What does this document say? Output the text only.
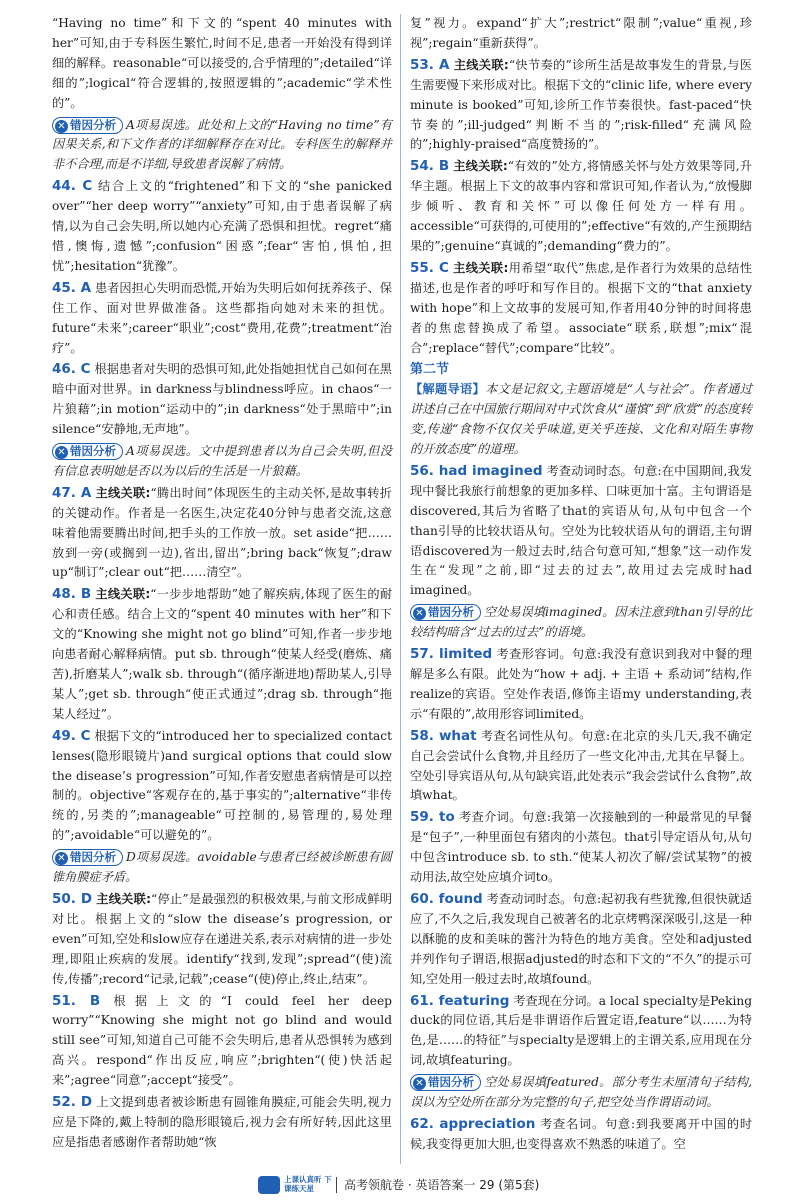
“Having no time”和下文的“spent 40 minutes with her”可知,由于专科医生繁忙,时间不足,患者一开始没有得到详细的解释。reasonable“可以接受的,合乎情理的”;detailed“详细的”;logical“符合逻辑的,按照逻辑的”;academic“学术性的”。

✕ 错因分析 A项易误选。此处和上文的“Having no time”有因果关系,和下文作者的详细解释存在对比。专科医生的解释并非不合理,而是不详细,导致患者误解了病情。

44. C 结合上文的“frightened”和下文的“she panicked over”“her deep worry”“anxiety”可知,由于患者误解了病情,以为自己会失明,所以她内心充满了恐惧和担忧。regret“痛惜,懊悔,遗憾”;confusion“困惑”;fear“害怕,惧怕,担忧”;hesitation“犹豫”。

45. A 患者因担心失明而恐慌,开始为失明后如何抚养孩子、保住工作、面对世界做准备。这些都指向她对未来的担忧。future“未来”;career“职业”;cost“费用,花费”;treatment“治疗”。

46. C 根据患者对失明的恐惧可知,此处指她担忧自己如何在黑暗中面对世界。in darkness与blindness呼应。in chaos“一片狼藉”;in motion“运动中的”;in darkness“处于黑暗中”;in silence“安静地,无声地”。

✕ 错因分析 A项易误选。文中提到患者以为自己会失明,但没有信息表明她是否以为以后的生活是一片狼藉。

47. A 主线关联:“腾出时间”体现医生的主动关怀,是故事转折的关键动作。作者是一名医生,决定花40分钟与患者交流,这意味着他需要腾出时间,把手头的工作放一放。set aside“把……放到一旁(或搁到一边),省出,留出”;bring back“恢复”;draw up“制订”;clear out“把……清空”。

48. B 主线关联:“一步步地帮助”她了解疾病,体现了医生的耐心和责任感。结合上文的“spent 40 minutes with her”和下文的“Knowing she might not go blind”可知,作者一步步地向患者耐心解释病情。put sb. through“使某人经受(磨炼、痛苦),折磨某人”;walk sb. through“(循序渐进地)帮助某人,引导某人”;get sb. through“使正式通过”;drag sb. through“拖某人经过”。

49. C 根据下文的“introduced her to specialized contact lenses(隐形眼镜片)and surgical options that could slow the disease’s progression”可知,作者安慰患者病情是可以控制的。objective“客观存在的,基于事实的”;alternative“非传统的,另类的”;manageable“可控制的,易管理的,易处理的”;avoidable“可以避免的”。

✕ 错因分析 D项易误选。avoidable与患者已经被诊断患有圆锥角膜症矛盾。

50. D 主线关联:“停止”是最强烈的积极效果,与前文形成鲜明对比。根据上文的“slow the disease’s progression, or even”可知,空处和slow应存在递进关系,表示对病情的进一步处理,即阻止疾病的发展。identify“找到,发现”;spread“(使)流传,传播”;record“记录,记载”;cease“(使)停止,终止,结束”。

51. B 根据上文的“I could feel her deep worry”“Knowing she might not go blind and would still see”可知,知道自己可能不会失明后,患者从恐惧转为感到高兴。respond“作出反应,响应”;brighten“(使)快活起来”;agree“同意”;accept“接受”。

52. D 上文提到患者被诊断患有圆锥角膜症,可能会失明,视力应是下降的,戴上特制的隐形眼镜后,视力会有所好转,因此这里应是指患者感谢作者帮助她“恢

复”视力。expand“扩大”;restrict“限制”;value“重视,珍视”;regain“重新获得”。

53. A 主线关联:“快节奏的”诊所生活是故事发生的背景,与医生需要慢下来形成对比。根据下文的“clinic life, where every minute is booked”可知,诊所工作节奏很快。fast-paced“快节奏的”;ill-judged“判断不当的”;risk-filled“充满风险的”;highly-praised“高度赞扬的”。

54. B 主线关联:“有效的”处方,将情感关怀与处方效果等同,升华主题。根据上下文的故事内容和常识可知,作者认为,“放慢脚步倾听、教育和关怀”可以像任何处方一样有用。accessible“可获得的,可使用的”;effective“有效的,产生预期结果的”;genuine“真诚的”;demanding“费力的”。

55. C 主线关联:用希望“取代”焦虑,是作者行为效果的总结性描述,也是作者的呼吁和写作目的。根据下文的“that anxiety with hope”和上文故事的发展可知,作者用40分钟的时间将患者的焦虑替换成了希望。associate“联系,联想”;mix“混合”;replace“替代”;compare“比较”。

第二节

【解题导语】本文是记叙文,主题语境是“人与社会”。作者通过讲述自己在中国旅行期间对中式饮食从“谨慎”到“欣赏”的态度转变,传递“食物不仅仅关乎味道,更关乎连接、文化和对陌生事物的开放态度”的道理。

56. had imagined 考查动词时态。句意:在中国期间,我发现中餐比我旅行前想象的更加多样、口味更加十富。主句谓语是discovered,其后为省略了that的宾语从句,从句中包含一个than引导的比较状语从句。空处为比较状语从句的谓语,主句谓语discovered为一般过去时,结合句意可知,“想象”这一动作发生在“发现”之前,即“过去的过去”,故用过去完成时had imagined。

✕ 错因分析 空处易误填imagined。因未注意到than引导的比较结构暗含“过去的过去”的语境。

57. limited 考查形容词。句意:我没有意识到我对中餐的理解是多么有限。此处为“how + adj. + 主语 + 系动词”结构,作realize的宾语。空处作表语,修饰主语my understanding,表示“有限的”,故用形容词limited。

58. what 考查名词性从句。句意:在北京的头几天,我不确定自己会尝试什么食物,并且经历了一些文化冲击,尤其在早餐上。空处引导宾语从句,从句缺宾语,此处表示“我会尝试什么食物”,故填what。

59. to 考查介词。句意:我第一次接触到的一种最常见的早餐是“包子”,一种里面包有猪肉的小蒸包。that引导定语从句,从句中包含introduce sb. to sth.“使某人初次了解/尝试某物”的被动用法,故空处应填介词to。

60. found 考查动词时态。句意:起初我有些犹豫,但很快就适应了,不久之后,我发现自己被著名的北京烤鸭深深吸引,这是一种以酥脆的皮和美味的酱汁为特色的地方美食。空处和adjusted并列作句子谓语,根据adjusted的时态和下文的“不久”的提示可知,空处用一般过去时,故填found。

61. featuring 考查现在分词。a local specialty是Peking duck的同位语,其后是非谓语作后置定语,feature“以……为特色,是……的特征”与specialty是逻辑上的主谓关系,应用现在分词,故填featuring。

✕ 错因分析 空处易误填featured。部分考生未厘清句子结构,误以为空处所在部分为完整的句子,把空处当作谓语动词。

62. appreciation 考查名词。句意:到我要离开中国的时候,我变得更加大胆,也变得喜欢不熟悉的味道了。空

上课认真听 下课练天星	高考领航卷 · 英语答案一 29 (第5套)
